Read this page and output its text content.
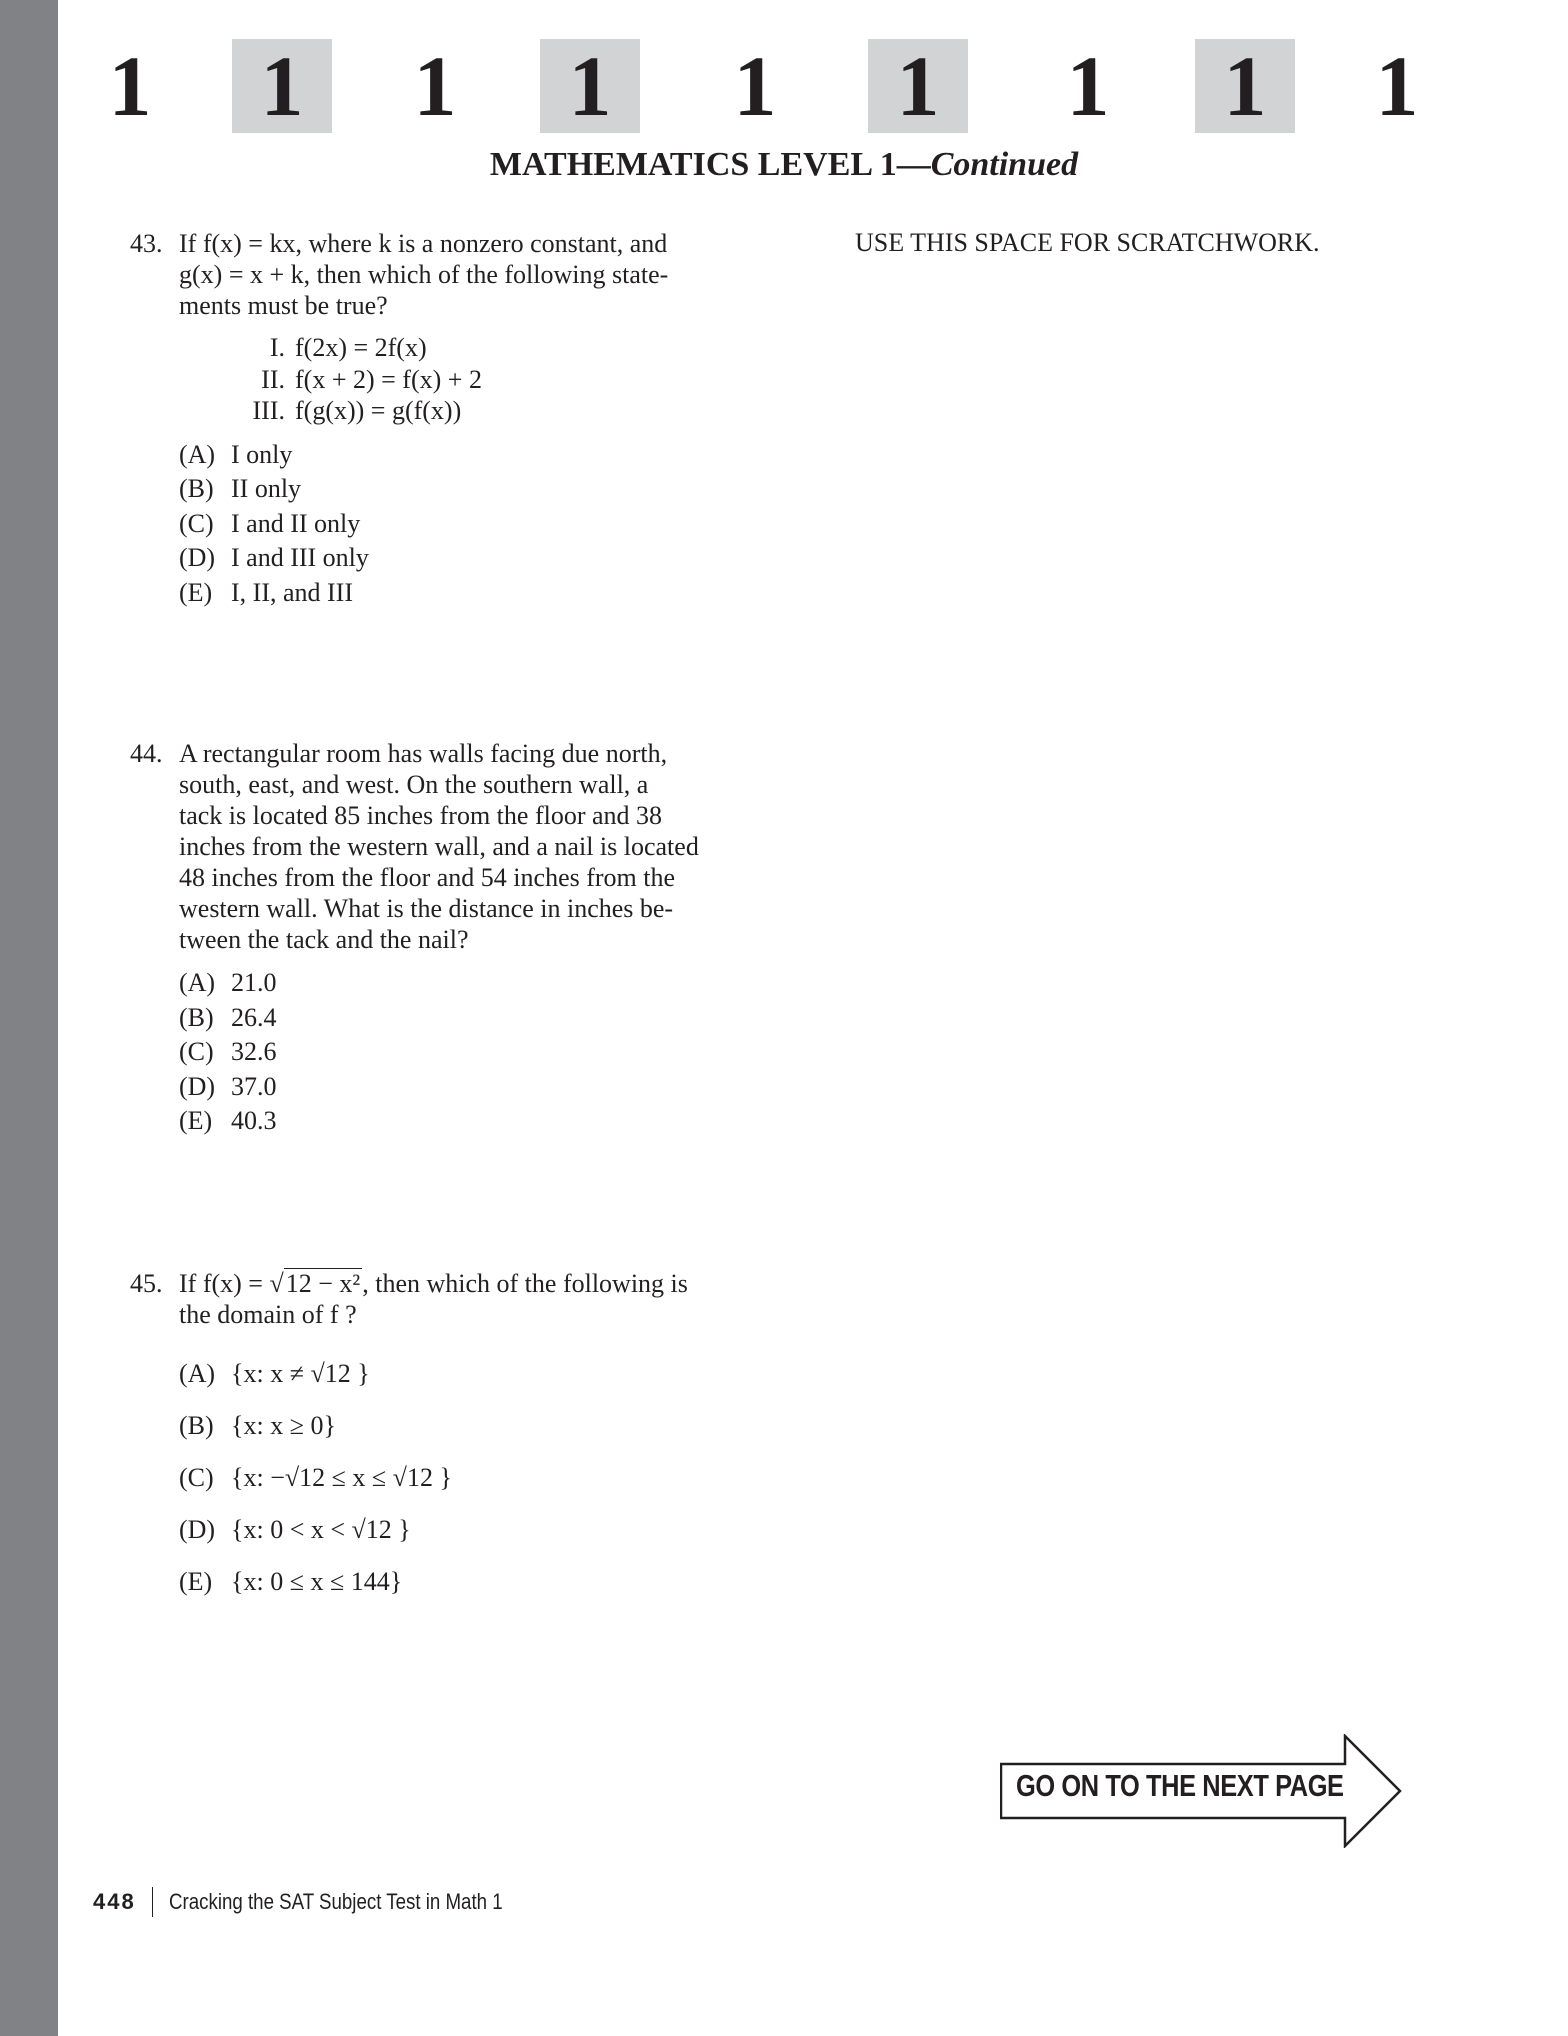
1	1	1	1	1	1	1	1	1
MATHEMATICS LEVEL 1—Continued
USE THIS SPACE FOR SCRATCHWORK.
43. If f(x) = kx, where k is a nonzero constant, and
g(x) = x + k, then which of the following state-
ments must be true?
I. f(2x) = 2f(x)
II. f(x + 2) = f(x) + 2
III. f(g(x)) = g(f(x))
(A) I only
(B) II only
(C) I and II only
(D) I and III only
(E) I, II, and III
44. A rectangular room has walls facing due north,
south, east, and west. On the southern wall, a
tack is located 85 inches from the floor and 38
inches from the western wall, and a nail is located
48 inches from the floor and 54 inches from the
western wall. What is the distance in inches be-
tween the tack and the nail?
(A) 21.0
(B) 26.4
(C) 32.6
(D) 37.0
(E) 40.3
45. If f(x) = √12 − x², then which of the following is
the domain of f ?
(A) {x: x ≠ √12 }
(B) {x: x ≥ 0}
(C) {x: −√12 ≤ x ≤ √12 }
(D) {x: 0 < x < √12 }
(E) {x: 0 ≤ x ≤ 144}
GO ON TO THE NEXT PAGE
448 Cracking the SAT Subject Test in Math 1
